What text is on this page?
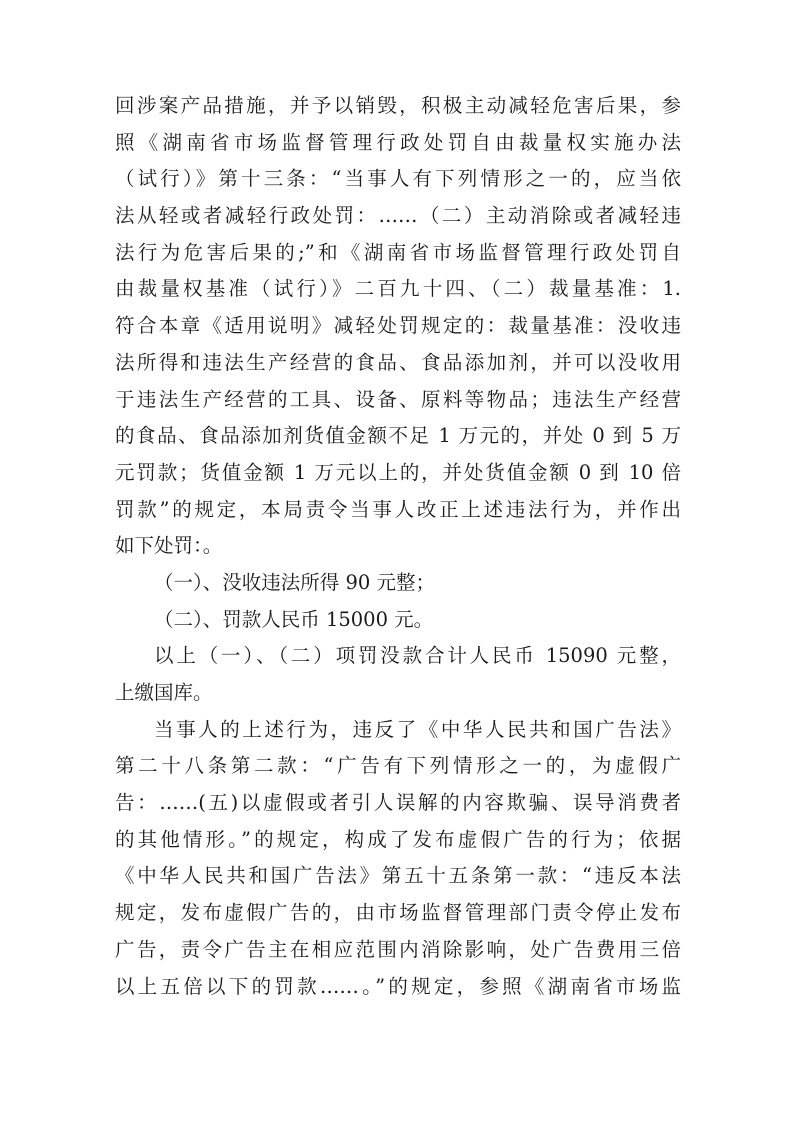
回涉案产品措施，并予以销毁，积极主动减轻危害后果，参
照《湖南省市场监督管理行政处罚自由裁量权实施办法
（试行）》第十三条：“当事人有下列情形之一的，应当依
法从轻或者减轻行政处罚：……（二）主动消除或者减轻违
法行为危害后果的;”和《湖南省市场监督管理行政处罚自
由裁量权基准（试行）》二百九十四、（二）裁量基准：1.
符合本章《适用说明》减轻处罚规定的：裁量基准：没收违
法所得和违法生产经营的食品、食品添加剂，并可以没收用
于违法生产经营的工具、设备、原料等物品；违法生产经营
的食品、食品添加剂货值金额不足 1 万元的，并处 0 到 5 万
元罚款；货值金额 1 万元以上的，并处货值金额 0 到 10 倍
罚款”的规定，本局责令当事人改正上述违法行为，并作出
如下处罚：。
（一）、没收违法所得 90 元整；
（二）、罚款人民币 15000 元。
以上（一）、（二）项罚没款合计人民币 15090 元整，
上缴国库。
当事人的上述行为，违反了《中华人民共和国广告法》
第二十八条第二款：“广告有下列情形之一的，为虚假广
告：……(五)以虚假或者引人误解的内容欺骗、误导消费者
的其他情形。”的规定，构成了发布虚假广告的行为；依据
《中华人民共和国广告法》第五十五条第一款：“违反本法
规定，发布虚假广告的，由市场监督管理部门责令停止发布
广告，责令广告主在相应范围内消除影响，处广告费用三倍
以上五倍以下的罚款……。”的规定，参照《湖南省市场监
